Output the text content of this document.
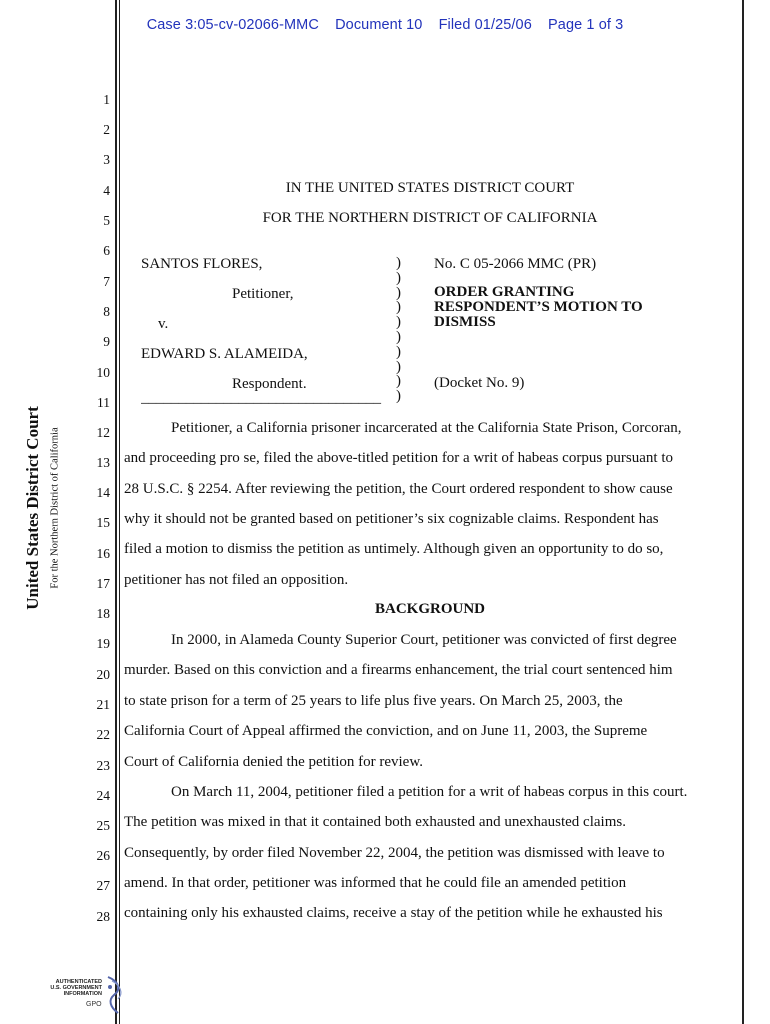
Case 3:05-cv-02066-MMC Document 10 Filed 01/25/06 Page 1 of 3
United States District Court For the Northern District of California
1
2
3
4
5
6
7
8
9
10
11
12
13
14
15
16
17
18
19
20
21
22
23
24
25
26
27
28
IN THE UNITED STATES DISTRICT COURT
FOR THE NORTHERN DISTRICT OF CALIFORNIA
SANTOS FLORES,
Petitioner,
v.
EDWARD S. ALAMEIDA,
Respondent.
________________________________
)
)
)
)
)
)
)
)
)
)
No. C 05-2066 MMC (PR)
ORDER GRANTING
RESPONDENT’S MOTION TO
DISMISS
(Docket No. 9)
Petitioner, a California prisoner incarcerated at the California State Prison, Corcoran,
and proceeding pro se, filed the above-titled petition for a writ of habeas corpus pursuant to
28 U.S.C. § 2254. After reviewing the petition, the Court ordered respondent to show cause
why it should not be granted based on petitioner’s six cognizable claims. Respondent has
filed a motion to dismiss the petition as untimely. Although given an opportunity to do so,
petitioner has not filed an opposition.
BACKGROUND
In 2000, in Alameda County Superior Court, petitioner was convicted of first degree
murder. Based on this conviction and a firearms enhancement, the trial court sentenced him
to state prison for a term of 25 years to life plus five years. On March 25, 2003, the
California Court of Appeal affirmed the conviction, and on June 11, 2003, the Supreme
Court of California denied the petition for review.
On March 11, 2004, petitioner filed a petition for a writ of habeas corpus in this court.
The petition was mixed in that it contained both exhausted and unexhausted claims.
Consequently, by order filed November 22, 2004, the petition was dismissed with leave to
amend. In that order, petitioner was informed that he could file an amended petition
containing only his exhausted claims, receive a stay of the petition while he exhausted his
AUTHENTICATED
U.S. GOVERNMENT
INFORMATION
GPO
